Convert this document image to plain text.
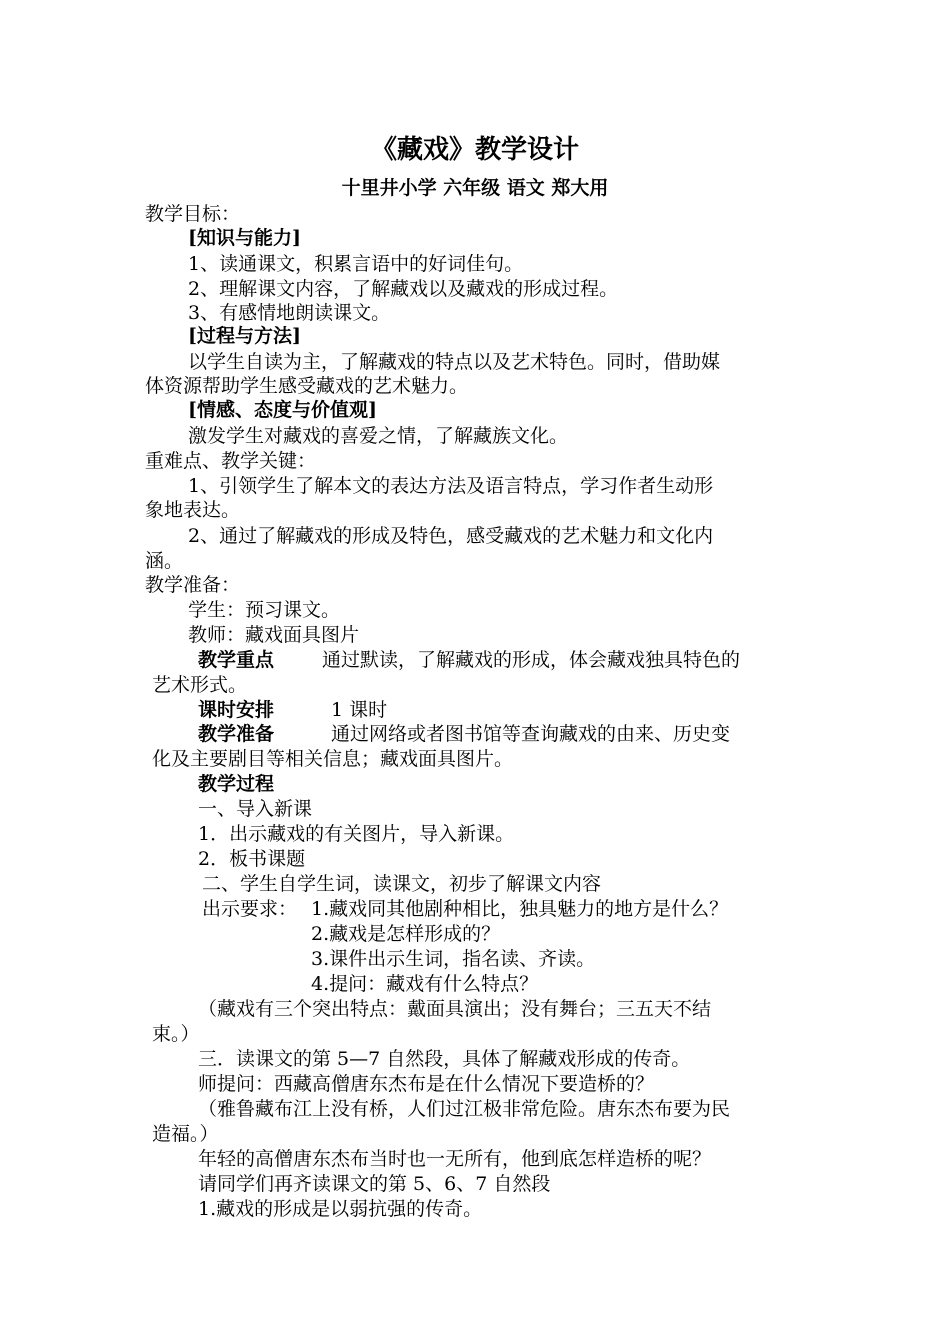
《藏戏》教学设计
十里井小学 六年级 语文 郑大用
教学目标：
[知识与能力]
1、读通课文，积累言语中的好词佳句。
2、理解课文内容，了解藏戏以及藏戏的形成过程。
3、有感情地朗读课文。
[过程与方法]
以学生自读为主，了解藏戏的特点以及艺术特色。同时，借助媒
体资源帮助学生感受藏戏的艺术魅力。
[情感、态度与价值观]
激发学生对藏戏的喜爱之情，了解藏族文化。
重难点、教学关键：
1、引领学生了解本文的表达方法及语言特点，学习作者生动形
象地表达。
2、通过了解藏戏的形成及特色，感受藏戏的艺术魅力和文化内
涵。
教学准备：
学生：预习课文。
教师：藏戏面具图片
教学重点	通过默读，了解藏戏的形成，体会藏戏独具特色的
艺术形式。
课时安排	1 课时
教学准备	通过网络或者图书馆等查询藏戏的由来、历史变
化及主要剧目等相关信息；藏戏面具图片。
教学过程
一、导入新课
1．出示藏戏的有关图片，导入新课。
2．板书课题
二、学生自学生词，读课文，初步了解课文内容
出示要求： 1.藏戏同其他剧种相比，独具魅力的地方是什么？
2.藏戏是怎样形成的？
3.课件出示生词，指名读、齐读。
4.提问：藏戏有什么特点？
（藏戏有三个突出特点：戴面具演出；没有舞台；三五天不结
束。）
三．读课文的第 5—7 自然段，具体了解藏戏形成的传奇。
师提问：西藏高僧唐东杰布是在什么情况下要造桥的？
（雅鲁藏布江上没有桥，人们过江极非常危险。唐东杰布要为民
造福。）
年轻的高僧唐东杰布当时也一无所有，他到底怎样造桥的呢？
请同学们再齐读课文的第 5、6、7 自然段
1.藏戏的形成是以弱抗强的传奇。
